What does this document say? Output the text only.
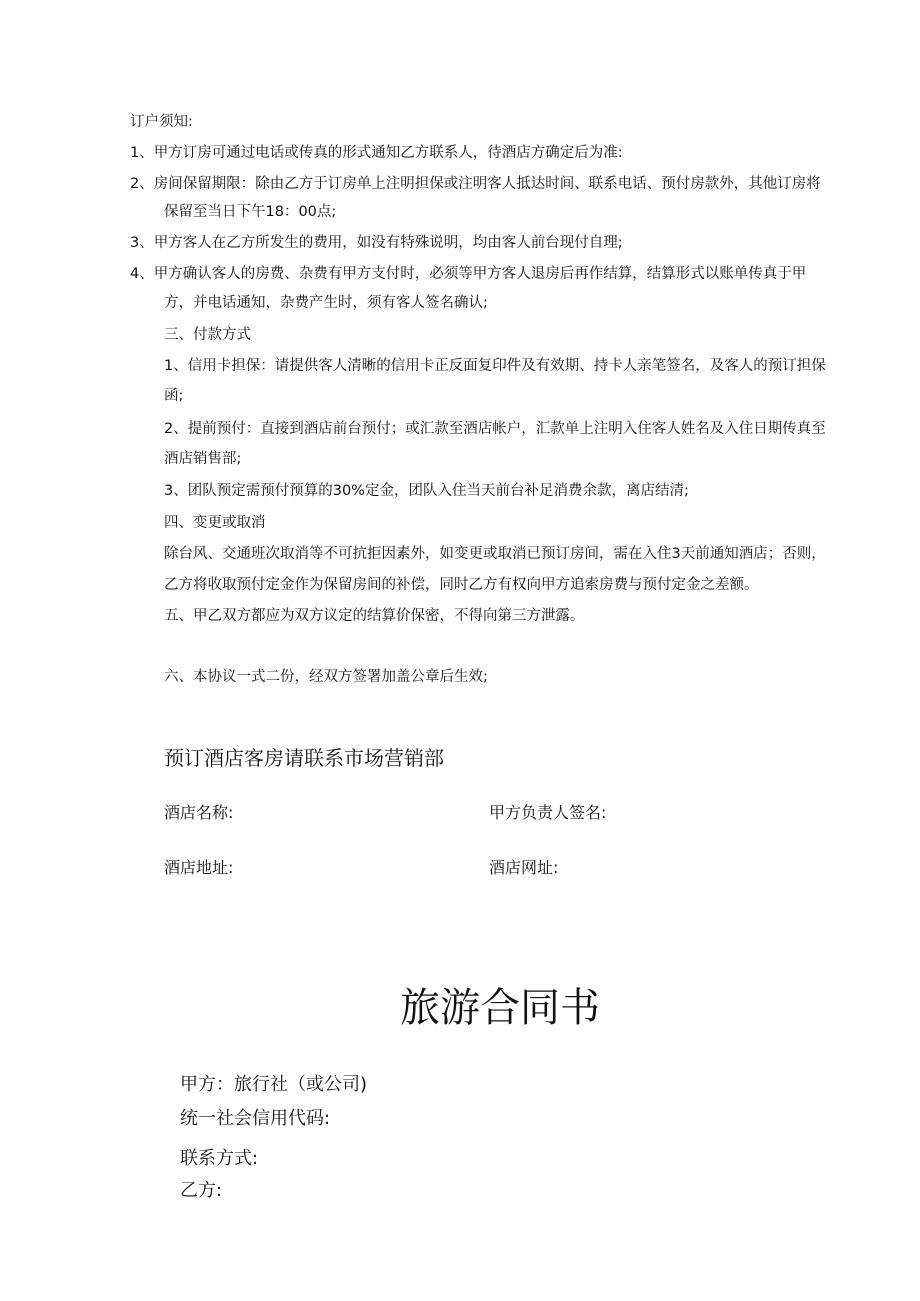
订户须知:
1、甲方订房可通过电话或传真的形式通知乙方联系人，待酒店方确定后为准:
2、房间保留期限：除由乙方于订房单上注明担保或注明客人抵达时间、联系电话、预付房款外，其他订房将
保留至当日下午18：00点;
3、甲方客人在乙方所发生的费用，如没有特殊说明，均由客人前台现付自理;
4、甲方确认客人的房费、杂费有甲方支付时，必须等甲方客人退房后再作结算，结算形式以账单传真于甲
方，并电话通知，杂费产生时，须有客人签名确认;
三、付款方式
1、信用卡担保：请提供客人清晰的信用卡正反面复印件及有效期、持卡人亲笔签名，及客人的预订担保
函;
2、提前预付：直接到酒店前台预付；或汇款至酒店帐户，汇款单上注明入住客人姓名及入住日期传真至
酒店销售部;
3、团队预定需预付预算的30%定金，团队入住当天前台补足消费余款，离店结清;
四、变更或取消
除台风、交通班次取消等不可抗拒因素外，如变更或取消已预订房间，需在入住3天前通知酒店；否则，
乙方将收取预付定金作为保留房间的补偿，同时乙方有权向甲方追索房费与预付定金之差额。
五、甲乙双方都应为双方议定的结算价保密，不得向第三方泄露。
六、本协议一式二份，经双方签署加盖公章后生效;
预订酒店客房请联系市场营销部
酒店名称:	甲方负责人签名:
酒店地址:	酒店网址:
旅游合同书
甲方：旅行社（或公司)
统一社会信用代码:
联系方式:
乙方:
